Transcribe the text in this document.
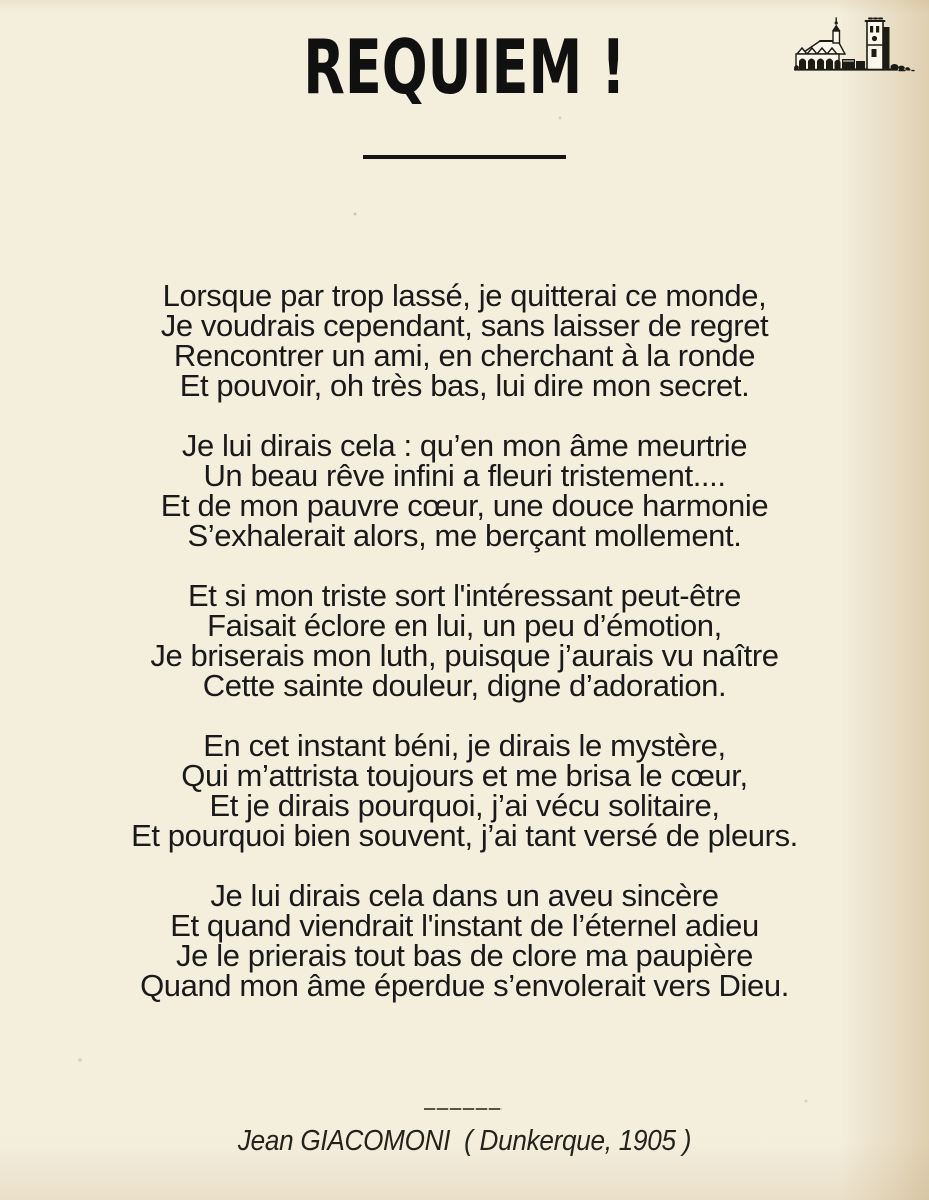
REQUIEM !
Lorsque par trop lassé, je quitterai ce monde,
Je voudrais cependant, sans laisser de regret
Rencontrer un ami, en cherchant à la ronde
Et pouvoir, oh très bas, lui dire mon secret.
Je lui dirais cela : qu’en mon âme meurtrie
Un beau rêve infini a fleuri tristement....
Et de mon pauvre cœur, une douce harmonie
S’exhalerait alors, me berçant mollement.
Et si mon triste sort l'intéressant peut-être
Faisait éclore en lui, un peu d’émotion,
Je briserais mon luth, puisque j’aurais vu naître
Cette sainte douleur, digne d’adoration.
En cet instant béni, je dirais le mystère,
Qui m’attrista toujours et me brisa le cœur,
Et je dirais pourquoi, j’ai vécu solitaire,
Et pourquoi bien souvent, j’ai tant versé de pleurs.
Je lui dirais cela dans un aveu sincère
Et quand viendrait l'instant de l’éternel adieu
Je le prierais tout bas de clore ma paupière
Quand mon âme éperdue s’envolerait vers Dieu.
Jean GIACOMONI  ( Dunkerque, 1905 )
